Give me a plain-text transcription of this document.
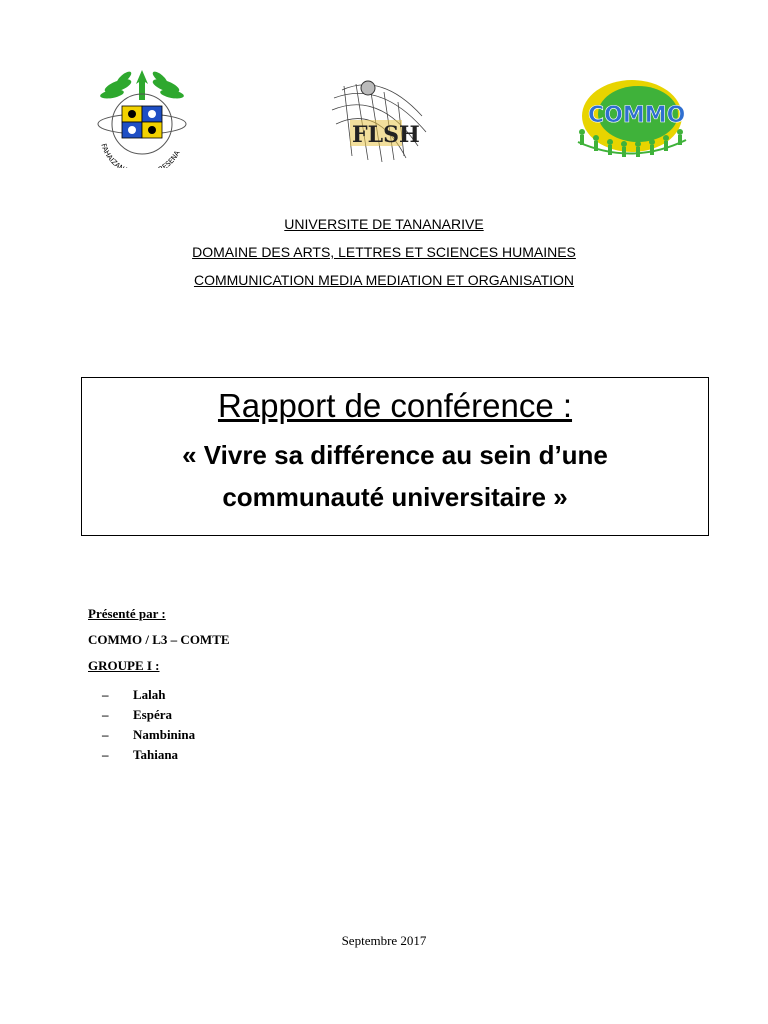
FAHAIZA ESENA
FLSH
COMMO
UNIVERSITE DE TANANARIVE
DOMAINE DES ARTS, LETTRES ET SCIENCES HUMAINES
COMMUNICATION MEDIA MEDIATION ET ORGANISATION
Rapport de conférence :
« Vivre sa différence au sein d’une
communauté universitaire »
Présenté par :
COMMO / L3 – COMTE
GROUPE I :
– Lalah
– Espéra
– Nambinina
– Tahiana
Septembre 2017
